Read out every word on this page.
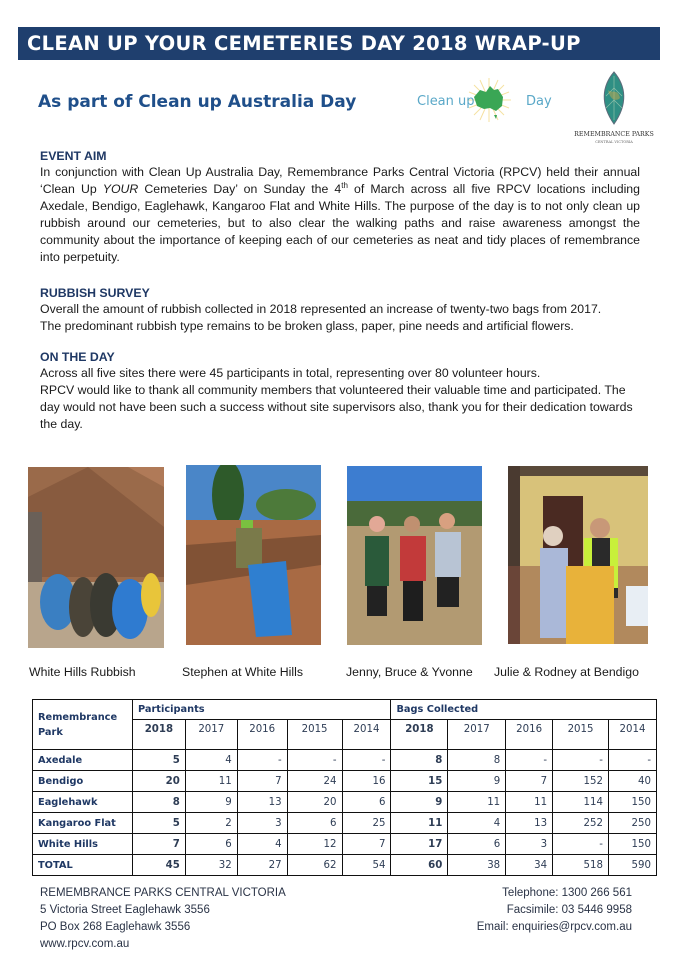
CLEAN UP YOUR CEMETERIES DAY 2018 WRAP-UP
As part of Clean up Australia Day	Clean up	Day
REMEMBRANCE PARKS
CENTRAL VICTORIA
EVENT AIM

In conjunction with Clean Up Australia Day, Remembrance Parks Central Victoria (RPCV) held their annual ‘Clean Up YOUR Cemeteries Day’ on Sunday the 4th of March across all five RPCV locations including Axedale, Bendigo, Eaglehawk, Kangaroo Flat and White Hills. The purpose of the day is to not only clean up rubbish around our cemeteries, but to also clear the walking paths and raise awareness amongst the community about the importance of keeping each of our cemeteries as neat and tidy places of remembrance into perpetuity.

RUBBISH SURVEY

Overall the amount of rubbish collected in 2018 represented an increase of twenty-two bags from 2017.

The predominant rubbish type remains to be broken glass, paper, pine needs and artificial flowers.

ON THE DAY

Across all five sites there were 45 participants in total, representing over 80 volunteer hours.

RPCV would like to thank all community members that volunteered their valuable time and participated. The day would not have been such a success without site supervisors also, thank you for their dedication towards the day.

White Hills Rubbish	Stephen at White Hills	Jenny, Bruce & Yvonne Julie & Rodney at Bendigo
Remembrance Park	Participants					Bags Collected				
	2018	2017	2016	2015	2014	2018	2017	2016	2015	2014
Axedale	5	4	-	-	-	8	8	-	-	-
Bendigo	20	11	7	24	16	15	9	7	152	40
Eaglehawk	8	9	13	20	6	9	11	11	114	150
Kangaroo Flat	5	2	3	6	25	11	4	13	252	250
White Hills	7	6	4	12	7	17	6	3	-	150
TOTAL	45	32	27	62	54	60	38	34	518	590
REMEMBRANCE PARKS CENTRAL VICTORIA
5 Victoria Street Eaglehawk 3556
PO Box 268 Eaglehawk 3556
www.rpcv.com.au
Telephone: 1300 266 561
Facsimile: 03 5446 9958
Email: enquiries@rpcv.com.au
